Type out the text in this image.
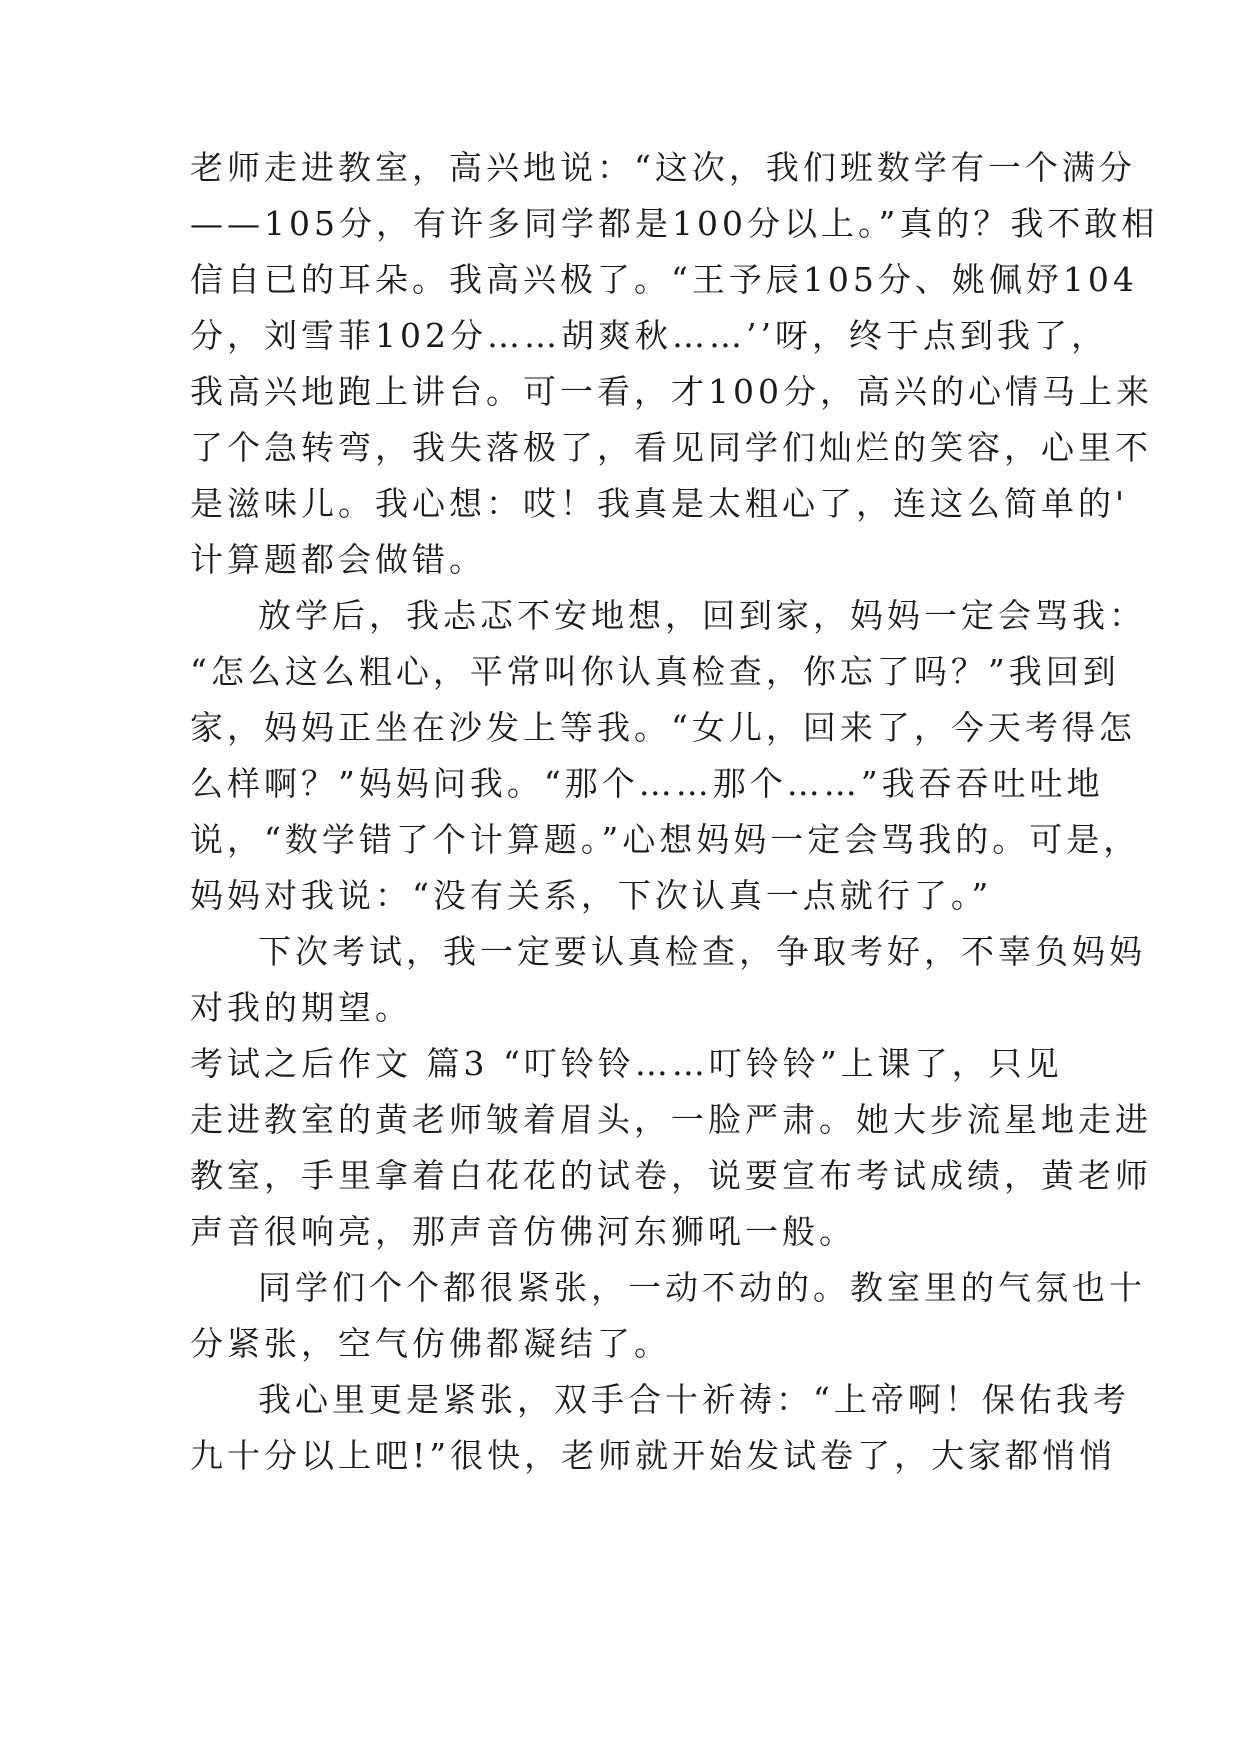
老师走进教室，高兴地说：“这次，我们班数学有一个满分
——105分，有许多同学都是100分以上。”真的？我不敢相
信自已的耳朵。我高兴极了。“王予辰105分、姚佩妤104
分，刘雪菲102分……胡爽秋……’’呀，终于点到我了，
我高兴地跑上讲台。可一看，才100分，高兴的心情马上来
了个急转弯，我失落极了，看见同学们灿烂的笑容，心里不
是滋味儿。我心想：哎！我真是太粗心了，连这么简单的'
计算题都会做错。
放学后，我忐忑不安地想，回到家，妈妈一定会骂我：
“怎么这么粗心，平常叫你认真检查，你忘了吗？”我回到
家，妈妈正坐在沙发上等我。“女儿，回来了，今天考得怎
么样啊？”妈妈问我。“那个……那个……”我吞吞吐吐地
说，“数学错了个计算题。”心想妈妈一定会骂我的。可是，
妈妈对我说：“没有关系，下次认真一点就行了。”
下次考试，我一定要认真检查，争取考好，不辜负妈妈
对我的期望。
考试之后作文 篇3 “叮铃铃……叮铃铃”上课了，只见
走进教室的黄老师皱着眉头，一脸严肃。她大步流星地走进
教室，手里拿着白花花的试卷，说要宣布考试成绩，黄老师
声音很响亮，那声音仿佛河东狮吼一般。
同学们个个都很紧张，一动不动的。教室里的气氛也十
分紧张，空气仿佛都凝结了。
我心里更是紧张，双手合十祈祷：“上帝啊！保佑我考
九十分以上吧!”很快，老师就开始发试卷了，大家都悄悄
